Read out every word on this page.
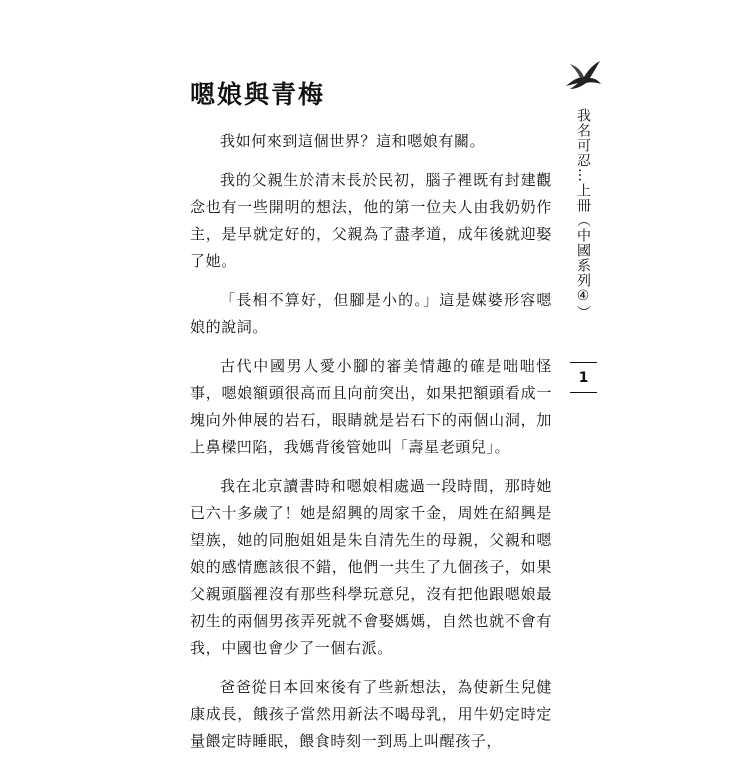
嗯娘與青梅

我如何來到這個世界？這和嗯娘有關。

我的父親生於清末長於民初，腦子裡既有封建觀念也有一些開明的想法，他的第一位夫人由我奶奶作主，是早就定好的，父親為了盡孝道，成年後就迎娶了她。

「長相不算好，但腳是小的。」這是媒婆形容嗯娘的說詞。

古代中國男人愛小腳的審美情趣的確是咄咄怪事，嗯娘額頭很高而且向前突出，如果把額頭看成一塊向外伸展的岩石，眼睛就是岩石下的兩個山洞，加上鼻樑凹陷，我媽背後管她叫「壽星老頭兒」。

我在北京讀書時和嗯娘相處過一段時間，那時她已六十多歲了！她是紹興的周家千金，周姓在紹興是望族，她的同胞姐姐是朱自清先生的母親，父親和嗯娘的感情應該很不錯，他們一共生了九個孩子，如果父親頭腦裡沒有那些科學玩意兒，沒有把他跟嗯娘最初生的兩個男孩弄死就不會娶媽媽，自然也就不會有我，中國也會少了一個右派。

爸爸從日本回來後有了些新想法，為使新生兒健康成長，餓孩子當然用新法不喝母乳，用牛奶定時定量餵定時睡眠，餵食時刻一到馬上叫醒孩子，

我名可忍…上冊（中國系列④）
1
